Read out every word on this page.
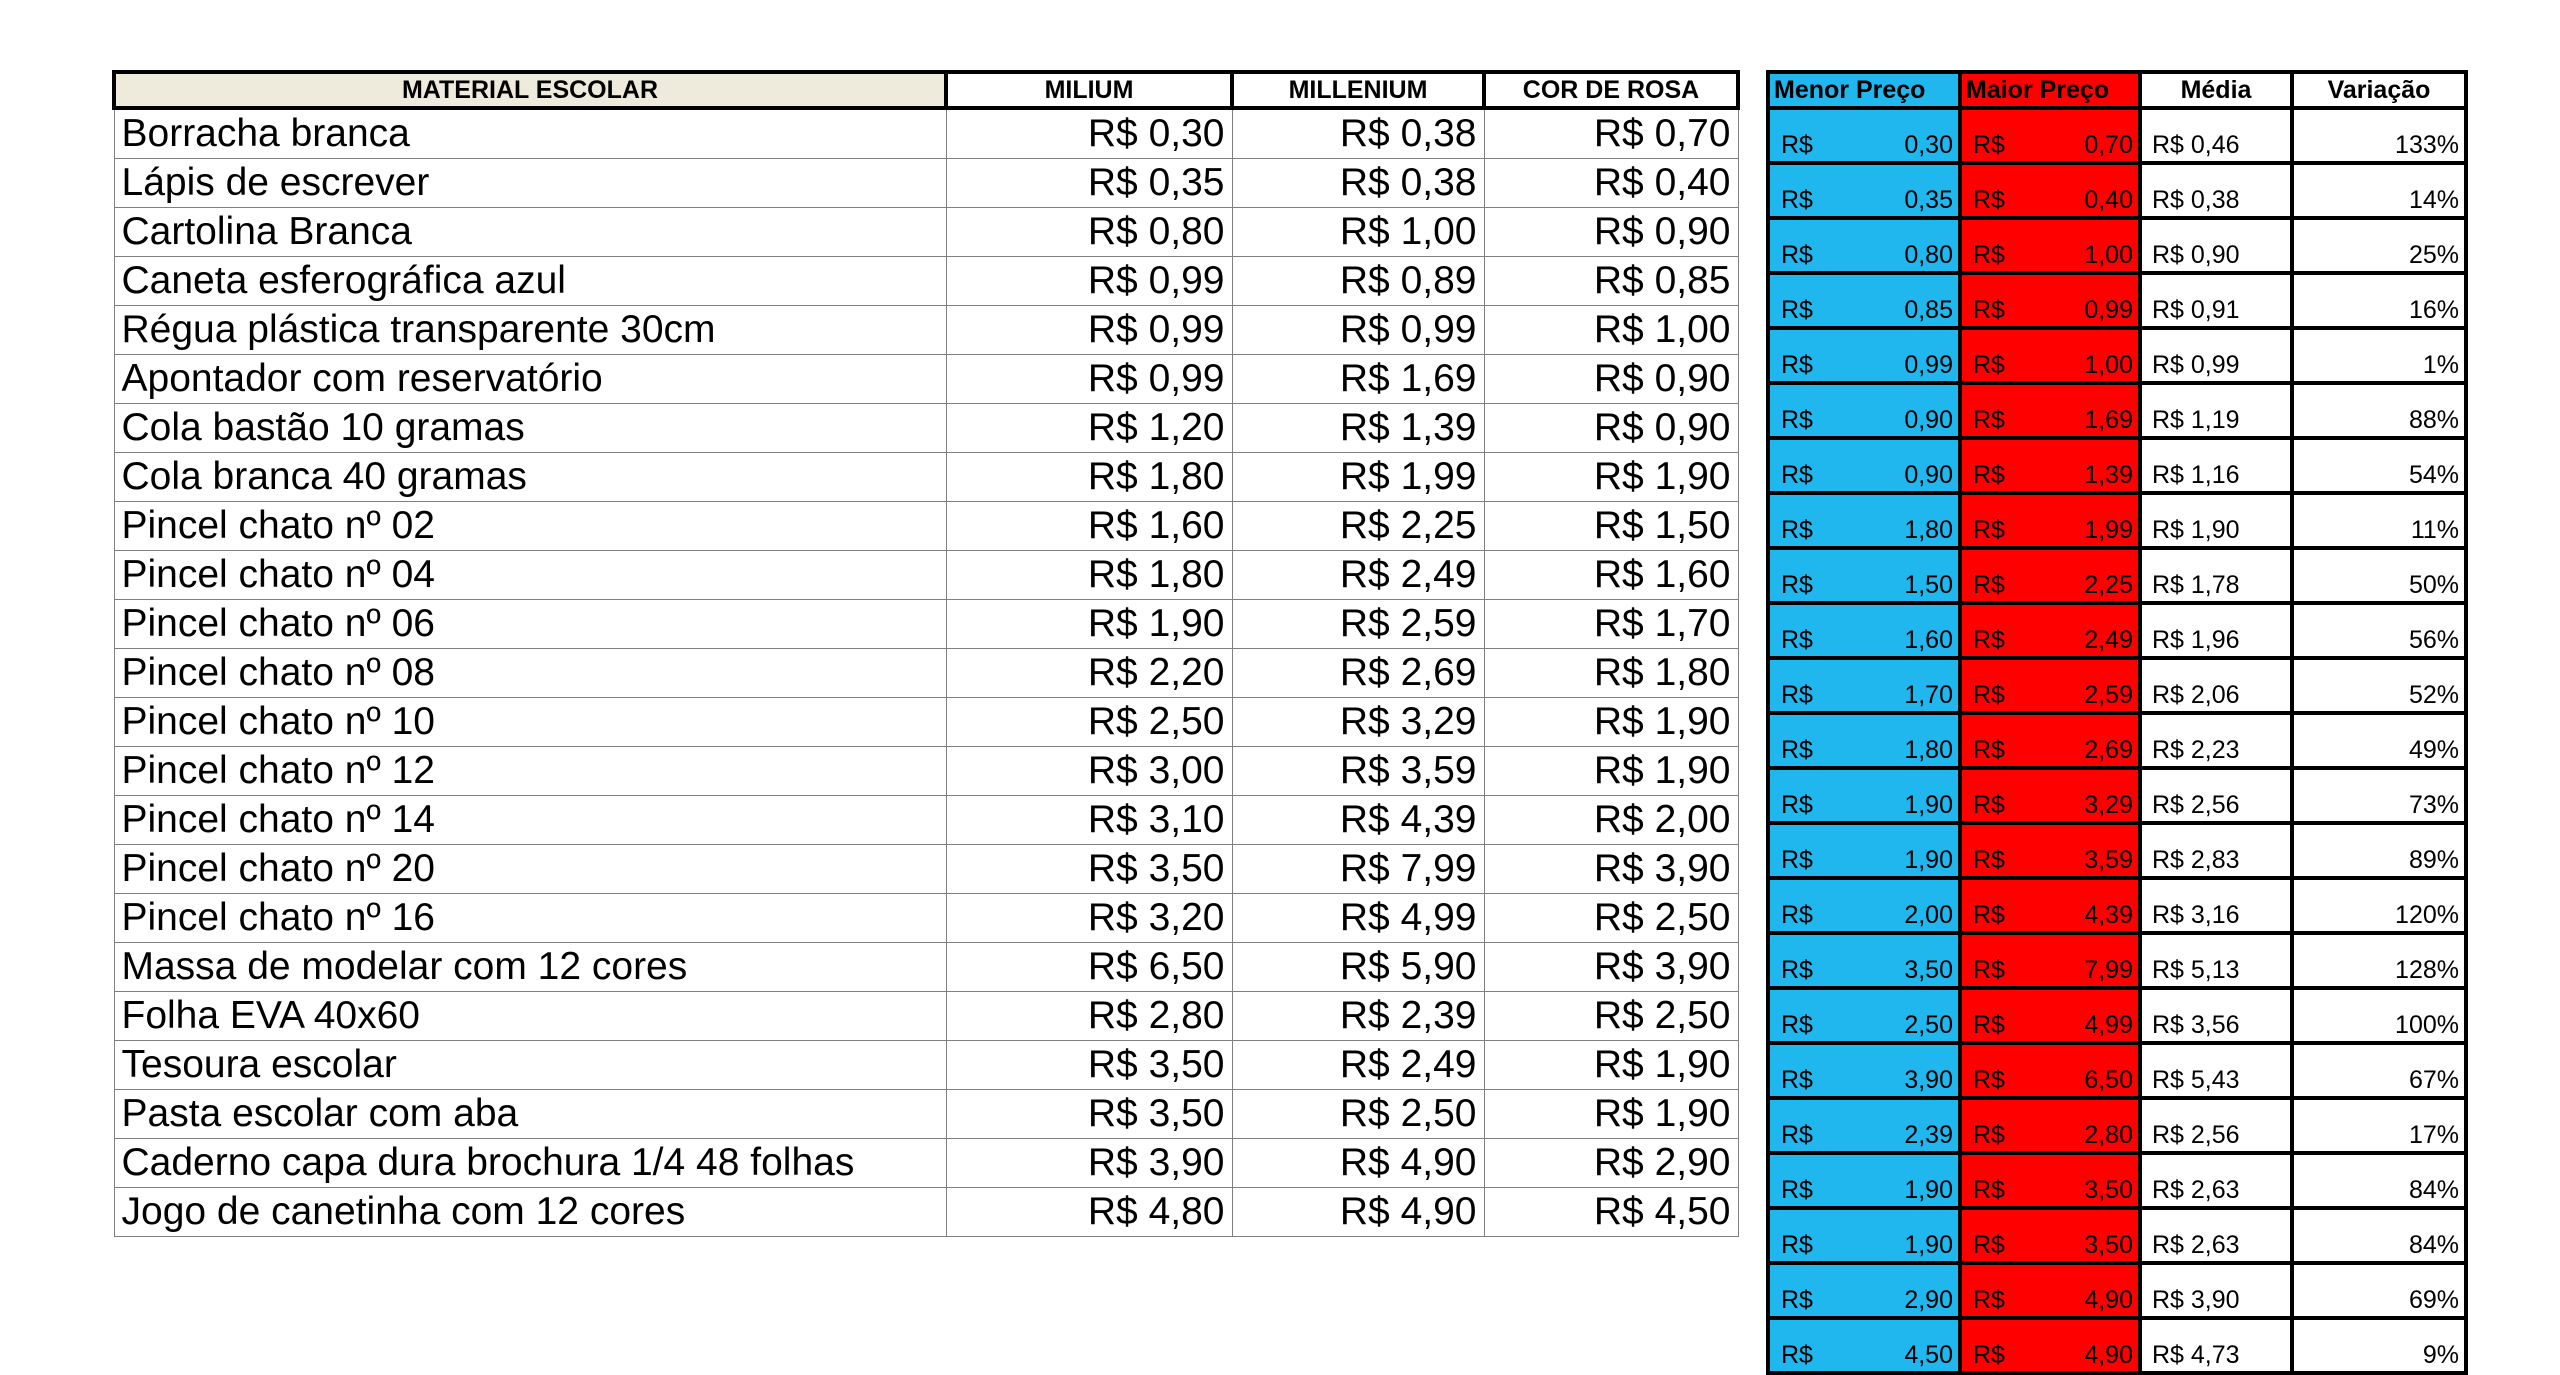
MATERIAL ESCOLAR	MILIUM	MILLENIUM	COR DE ROSA
Borracha branca	R$ 0,30	R$ 0,38	R$ 0,70
Lápis de escrever	R$ 0,35	R$ 0,38	R$ 0,40
Cartolina Branca	R$ 0,80	R$ 1,00	R$ 0,90
Caneta esferográfica azul	R$ 0,99	R$ 0,89	R$ 0,85
Régua plástica transparente 30cm	R$ 0,99	R$ 0,99	R$ 1,00
Apontador com reservatório	R$ 0,99	R$ 1,69	R$ 0,90
Cola bastão 10 gramas	R$ 1,20	R$ 1,39	R$ 0,90
Cola branca 40 gramas	R$ 1,80	R$ 1,99	R$ 1,90
Pincel chato nº 02	R$ 1,60	R$ 2,25	R$ 1,50
Pincel chato nº 04	R$ 1,80	R$ 2,49	R$ 1,60
Pincel chato nº 06	R$ 1,90	R$ 2,59	R$ 1,70
Pincel chato nº 08	R$ 2,20	R$ 2,69	R$ 1,80
Pincel chato nº 10	R$ 2,50	R$ 3,29	R$ 1,90
Pincel chato nº 12	R$ 3,00	R$ 3,59	R$ 1,90
Pincel chato nº 14	R$ 3,10	R$ 4,39	R$ 2,00
Pincel chato nº 20	R$ 3,50	R$ 7,99	R$ 3,90
Pincel chato nº 16	R$ 3,20	R$ 4,99	R$ 2,50
Massa de modelar com 12 cores	R$ 6,50	R$ 5,90	R$ 3,90
Folha EVA 40x60	R$ 2,80	R$ 2,39	R$ 2,50
Tesoura escolar	R$ 3,50	R$ 2,49	R$ 1,90
Pasta escolar com aba	R$ 3,50	R$ 2,50	R$ 1,90
Caderno capa dura brochura 1/4 48 folhas	R$ 3,90	R$ 4,90	R$ 2,90
Jogo de canetinha com 12 cores	R$ 4,80	R$ 4,90	R$ 4,50
Menor Preço	Maior Preço	Média	Variação

R$ 0,30	R$ 0,70	R$ 0,46	133%

R$ 0,35	R$ 0,40	R$ 0,38	14%

R$ 0,80	R$ 1,00	R$ 0,90	25%

R$ 0,85	R$ 0,99	R$ 0,91	16%

R$ 0,99	R$ 1,00	R$ 0,99	1%

R$ 0,90	R$ 1,69	R$ 1,19	88%

R$ 0,90	R$ 1,39	R$ 1,16	54%

R$ 1,80	R$ 1,99	R$ 1,90	11%

R$ 1,50	R$ 2,25	R$ 1,78	50%

R$ 1,60	R$ 2,49	R$ 1,96	56%

R$ 1,70	R$ 2,59	R$ 2,06	52%

R$ 1,80	R$ 2,69	R$ 2,23	49%

R$ 1,90	R$ 3,29	R$ 2,56	73%

R$ 1,90	R$ 3,59	R$ 2,83	89%

R$ 2,00	R$ 4,39	R$ 3,16	120%

R$ 3,50	R$ 7,99	R$ 5,13	128%

R$ 2,50	R$ 4,99	R$ 3,56	100%

R$ 3,90	R$ 6,50	R$ 5,43	67%

R$ 2,39	R$ 2,80	R$ 2,56	17%

R$ 1,90	R$ 3,50	R$ 2,63	84%

R$ 1,90	R$ 3,50	R$ 2,63	84%

R$ 2,90	R$ 4,90	R$ 3,90	69%

R$ 4,50	R$ 4,90	R$ 4,73	9%
